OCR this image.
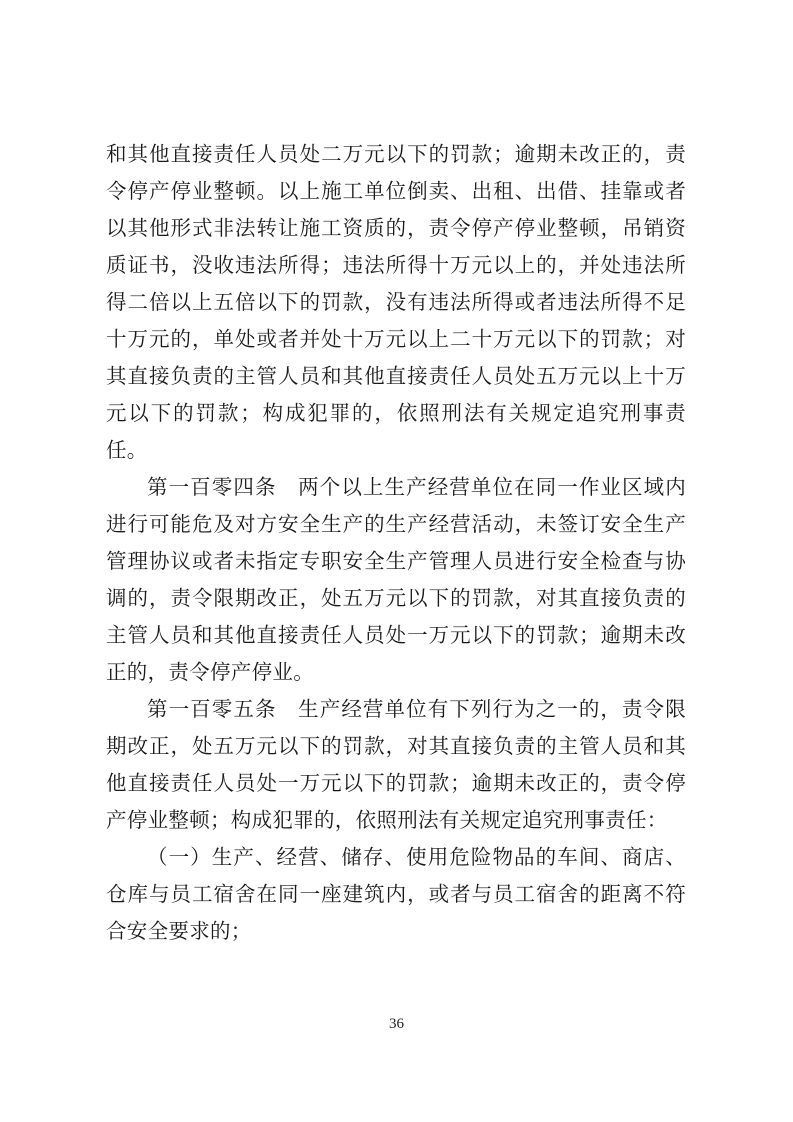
和其他直接责任人员处二万元以下的罚款；逾期未改正的，责令停产停业整顿。以上施工单位倒卖、出租、出借、挂靠或者以其他形式非法转让施工资质的，责令停产停业整顿，吊销资质证书，没收违法所得；违法所得十万元以上的，并处违法所得二倍以上五倍以下的罚款，没有违法所得或者违法所得不足十万元的，单处或者并处十万元以上二十万元以下的罚款；对其直接负责的主管人员和其他直接责任人员处五万元以上十万元以下的罚款；构成犯罪的，依照刑法有关规定追究刑事责任。

第一百零四条　两个以上生产经营单位在同一作业区域内进行可能危及对方安全生产的生产经营活动，未签订安全生产管理协议或者未指定专职安全生产管理人员进行安全检查与协调的，责令限期改正，处五万元以下的罚款，对其直接负责的主管人员和其他直接责任人员处一万元以下的罚款；逾期未改正的，责令停产停业。

第一百零五条　生产经营单位有下列行为之一的，责令限期改正，处五万元以下的罚款，对其直接负责的主管人员和其他直接责任人员处一万元以下的罚款；逾期未改正的，责令停产停业整顿；构成犯罪的，依照刑法有关规定追究刑事责任：

（一）生产、经营、储存、使用危险物品的车间、商店、仓库与员工宿舍在同一座建筑内，或者与员工宿舍的距离不符合安全要求的；

36
